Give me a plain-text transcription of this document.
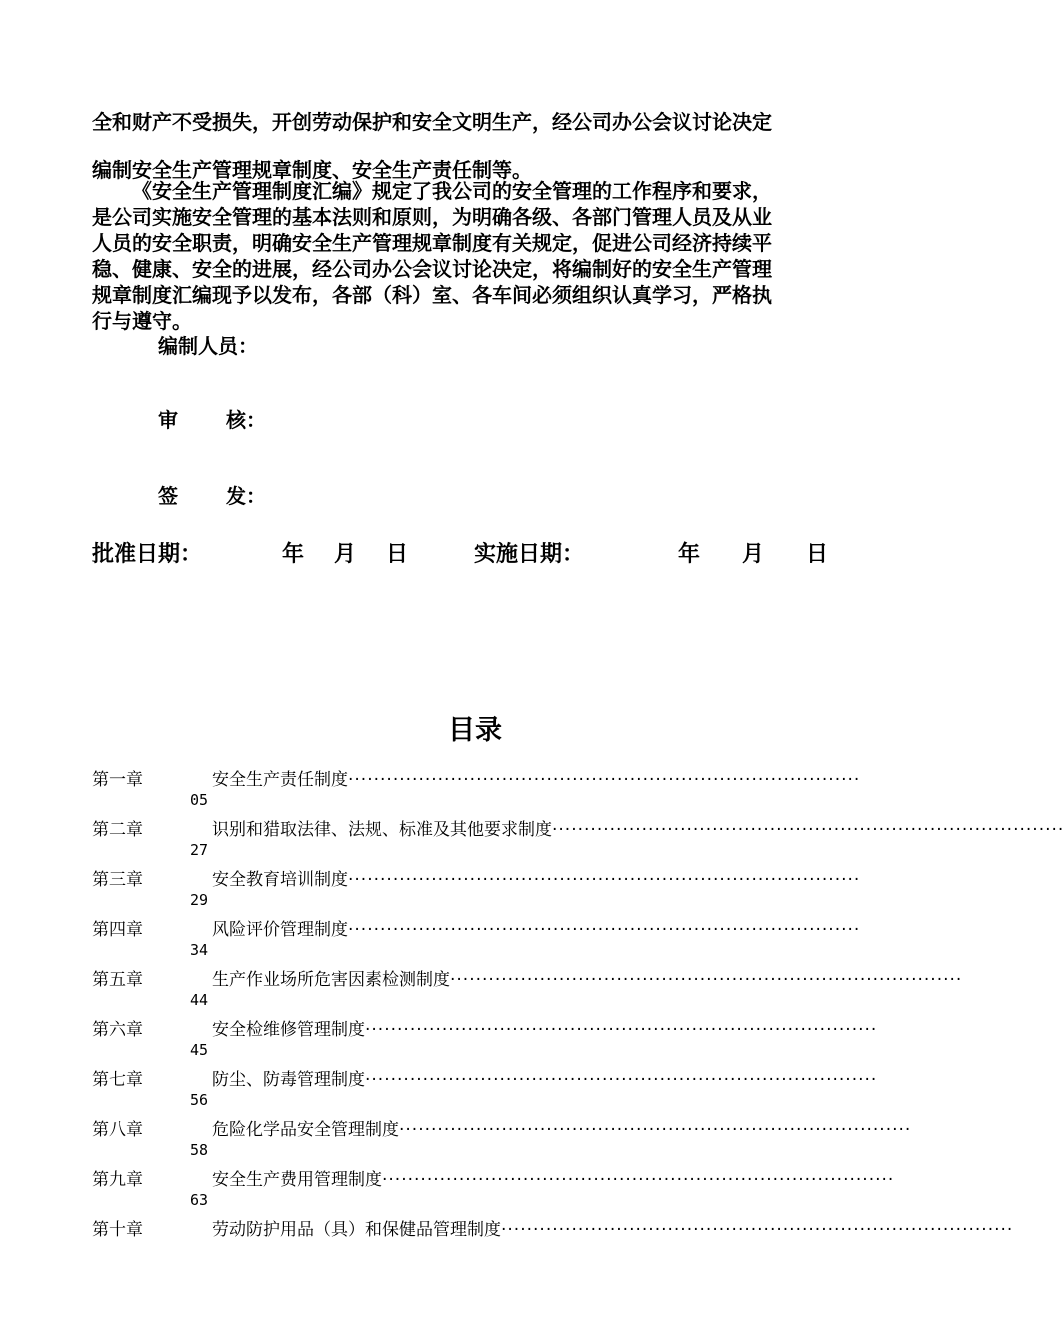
全和财产不受损失，开创劳动保护和安全文明生产，经公司办公会议讨论决定
编制安全生产管理规章制度、安全生产责任制等。
《安全生产管理制度汇编》规定了我公司的安全管理的工作程序和要求，
是公司实施安全管理的基本法则和原则，为明确各级、各部门管理人员及从业
人员的安全职责，明确安全生产管理规章制度有关规定，促进公司经济持续平
稳、健康、安全的进展，经公司办公会议讨论决定，将编制好的安全生产管理
规章制度汇编现予以发布，各部（科）室、各车间必须组织认真学习，严格执
行与遵守。
编制人员：
审 核：
签 发：
批准日期：	年 月 日	实施日期：	年 月 日
目录
第一章	安全生产责任制度················································································
05
第二章	识别和猎取法律、法规、标准及其他要求制度················································································
27
第三章	安全教育培训制度················································································
29
第四章	风险评价管理制度················································································
34
第五章	生产作业场所危害因素检测制度················································································
44
第六章	安全检维修管理制度················································································
45
第七章	防尘、防毒管理制度················································································
56
第八章	危险化学品安全管理制度················································································
58
第九章	安全生产费用管理制度················································································
63
第十章	劳动防护用品（具）和保健品管理制度················································································
